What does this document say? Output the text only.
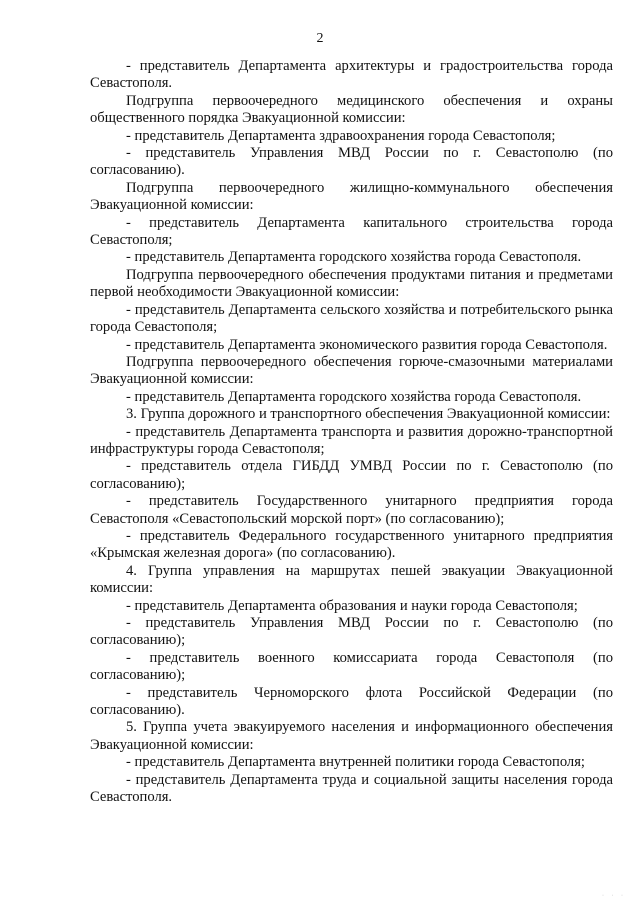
2

- представитель Департамента архитектуры и градостроительства города Севастополя.

Подгруппа первоочередного медицинского обеспечения и охраны общественного порядка Эвакуационной комиссии:

- представитель Департамента здравоохранения города Севастополя;

- представитель Управления МВД России по г. Севастополю (по согласованию).

Подгруппа первоочередного жилищно-коммунального обеспечения Эвакуационной комиссии:

- представитель Департамента капитального строительства города Севастополя;

- представитель Департамента городского хозяйства города Севастополя.

Подгруппа первоочередного обеспечения продуктами питания и предметами первой необходимости Эвакуационной комиссии:

- представитель Департамента сельского хозяйства и потребительского рынка города Севастополя;

- представитель Департамента экономического развития города Севастополя.

Подгруппа первоочередного обеспечения горюче-смазочными материалами Эвакуационной комиссии:

- представитель Департамента городского хозяйства города Севастополя.

3. Группа дорожного и транспортного обеспечения Эвакуационной комиссии:

- представитель Департамента транспорта и развития дорожно-транспортной инфраструктуры города Севастополя;

- представитель отдела ГИБДД УМВД России по г. Севастополю (по согласованию);

- представитель Государственного унитарного предприятия города Севастополя «Севастопольский морской порт» (по согласованию);

- представитель Федерального государственного унитарного предприятия «Крымская железная дорога» (по согласованию).

4. Группа управления на маршрутах пешей эвакуации Эвакуационной комиссии:

- представитель Департамента образования и науки города Севастополя;

- представитель Управления МВД России по г. Севастополю (по согласованию);

- представитель военного комиссариата города Севастополя (по согласованию);

- представитель Черноморского флота Российской Федерации (по согласованию).

5. Группа учета эвакуируемого населения и информационного обеспечения Эвакуационной комиссии:

- представитель Департамента внутренней политики города Севастополя;

- представитель Департамента труда и социальной защиты населения города Севастополя.

· · ·
